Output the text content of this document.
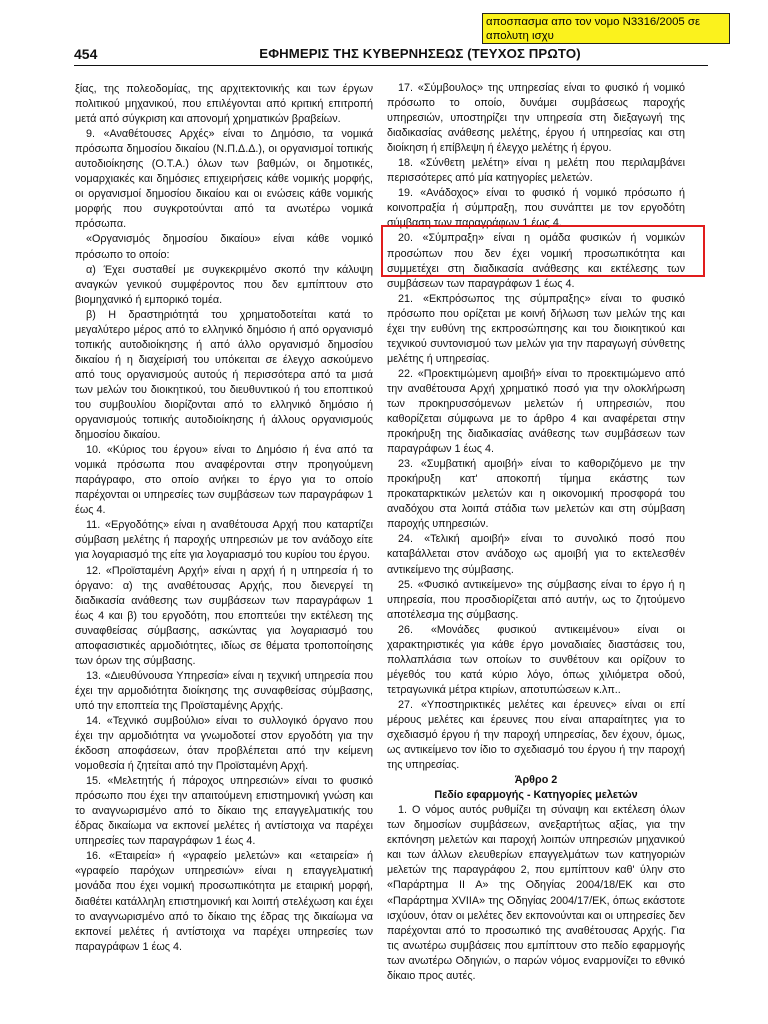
αποσπασμα απο τον νομο Ν3316/2005 σε απολυτη ισχυ
454	ΕΦΗΜΕΡΙΣ ΤΗΣ ΚΥΒΕΡΝΗΣΕΩΣ (ΤΕΥΧΟΣ ΠΡΩΤΟ)

ξίας, της πολεοδομίας, της αρχιτεκτονικής και των έργων πολιτικού μηχανικού, που επιλέγονται από κριτική επιτροπή μετά από σύγκριση και απονομή χρηματικών βραβείων.

9. «Αναθέτουσες Αρχές» είναι το Δημόσιο, τα νομικά πρόσωπα δημοσίου δικαίου (Ν.Π.Δ.Δ.), οι οργανισμοί τοπικής αυτοδιοίκησης (Ο.Τ.Α.) όλων των βαθμών, οι δημοτικές, νομαρχιακές και δημόσιες επιχειρήσεις κάθε νομικής μορφής, οι οργανισμοί δημοσίου δικαίου και οι ενώσεις κάθε νομικής μορφής που συγκροτούνται από τα ανωτέρω νομικά πρόσωπα.

«Οργανισμός δημοσίου δικαίου» είναι κάθε νομικό πρόσωπο το οποίο:

α) Έχει συσταθεί με συγκεκριμένο σκοπό την κάλυψη αναγκών γενικού συμφέροντος που δεν εμπίπτουν στο βιομηχανικό ή εμπορικό τομέα.

β) Η δραστηριότητά του χρηματοδοτείται κατά το μεγαλύτερο μέρος από το ελληνικό δημόσιο ή από οργανισμό τοπικής αυτοδιοίκησης ή από άλλο οργανισμό δημοσίου δικαίου ή η διαχείρισή του υπόκειται σε έλεγχο ασκούμενο από τους οργανισμούς αυτούς ή περισσότερα από τα μισά των μελών του διοικητικού, του διευθυντικού ή του εποπτικού του συμβουλίου διορίζονται από το ελληνικό δημόσιο ή οργανισμούς τοπικής αυτοδιοίκησης ή άλλους οργανισμούς δημοσίου δικαίου.

10. «Κύριος του έργου» είναι το Δημόσιο ή ένα από τα νομικά πρόσωπα που αναφέρονται στην προηγούμενη παράγραφο, στο οποίο ανήκει το έργο για το οποίο παρέχονται οι υπηρεσίες των συμβάσεων των παραγράφων 1 έως 4.

11. «Εργοδότης» είναι η αναθέτουσα Αρχή που καταρτίζει σύμβαση μελέτης ή παροχής υπηρεσιών με τον ανάδοχο είτε για λογαριασμό της είτε για λογαριασμό του κυρίου του έργου.

12. «Προϊσταμένη Αρχή» είναι η αρχή ή η υπηρεσία ή το όργανο: α) της αναθέτουσας Αρχής, που διενεργεί τη διαδικασία ανάθεσης των συμβάσεων των παραγράφων 1 έως 4 και β) του εργοδότη, που εποπτεύει την εκτέλεση της συναφθείσας σύμβασης, ασκώντας για λογαριασμό του αποφασιστικές αρμοδιότητες, ιδίως σε θέματα τροποποίησης των όρων της σύμβασης.

13. «Διευθύνουσα Υπηρεσία» είναι η τεχνική υπηρεσία που έχει την αρμοδιότητα διοίκησης της συναφθείσας σύμβασης, υπό την εποπτεία της Προϊσταμένης Αρχής.

14. «Τεχνικό συμβούλιο» είναι το συλλογικό όργανο που έχει την αρμοδιότητα να γνωμοδοτεί στον εργοδότη για την έκδοση αποφάσεων, όταν προβλέπεται από την κείμενη νομοθεσία ή ζητείται από την Προϊσταμένη Αρχή.

15. «Μελετητής ή πάροχος υπηρεσιών» είναι το φυσικό πρόσωπο που έχει την απαιτούμενη επιστημονική γνώση και το αναγνωρισμένο από το δίκαιο της επαγγελματικής του έδρας δικαίωμα να εκπονεί μελέτες ή αντίστοιχα να παρέχει υπηρεσίες των παραγράφων 1 έως 4.

16. «Εταιρεία» ή «γραφείο μελετών» και «εταιρεία» ή «γραφείο παρόχων υπηρεσιών» είναι η επαγγελματική μονάδα που έχει νομική προσωπικότητα με εταιρική μορφή, διαθέτει κατάλληλη επιστημονική και λοιπή στελέχωση και έχει το αναγνωρισμένο από το δίκαιο της έδρας της δικαίωμα να εκπονεί μελέτες ή αντίστοιχα να παρέχει υπηρεσίες των παραγράφων 1 έως 4.

17. «Σύμβουλος» της υπηρεσίας είναι το φυσικό ή νομικό πρόσωπο το οποίο, δυνάμει συμβάσεως παροχής υπηρεσιών, υποστηρίζει την υπηρεσία στη διεξαγωγή της διαδικασίας ανάθεσης μελέτης, έργου ή υπηρεσίας και στη διοίκηση ή επίβλεψη ή έλεγχο μελέτης ή έργου.

18. «Σύνθετη μελέτη» είναι η μελέτη που περιλαμβάνει περισσότερες από μία κατηγορίες μελετών.

19. «Ανάδοχος» είναι το φυσικό ή νομικό πρόσωπο ή κοινοπραξία ή σύμπραξη, που συνάπτει με τον εργοδότη σύμβαση των παραγράφων 1 έως 4.

20. «Σύμπραξη» είναι η ομάδα φυσικών ή νομικών προσώπων που δεν έχει νομική προσωπικότητα και συμμετέχει στη διαδικασία ανάθεσης και εκτέλεσης των συμβάσεων των παραγράφων 1 έως 4.

21. «Εκπρόσωπος της σύμπραξης» είναι το φυσικό πρόσωπο που ορίζεται με κοινή δήλωση των μελών της και έχει την ευθύνη της εκπροσώπησης και του διοικητικού και τεχνικού συντονισμού των μελών για την παραγωγή σύνθετης μελέτης ή υπηρεσίας.

22. «Προεκτιμώμενη αμοιβή» είναι το προεκτιμώμενο από την αναθέτουσα Αρχή χρηματικό ποσό για την ολοκλήρωση των προκηρυσσόμενων μελετών ή υπηρεσιών, που καθορίζεται σύμφωνα με το άρθρο 4 και αναφέρεται στην προκήρυξη της διαδικασίας ανάθεσης των συμβάσεων των παραγράφων 1 έως 4.

23. «Συμβατική αμοιβή» είναι το καθοριζόμενο με την προκήρυξη κατ' αποκοπή τίμημα εκάστης των προκαταρκτικών μελετών και η οικονομική προσφορά του αναδόχου στα λοιπά στάδια των μελετών και στη σύμβαση παροχής υπηρεσιών.

24. «Τελική αμοιβή» είναι το συνολικό ποσό που καταβάλλεται στον ανάδοχο ως αμοιβή για το εκτελεσθέν αντικείμενο της σύμβασης.

25. «Φυσικό αντικείμενο» της σύμβασης είναι το έργο ή η υπηρεσία, που προσδιορίζεται από αυτήν, ως το ζητούμενο αποτέλεσμα της σύμβασης.

26. «Μονάδες φυσικού αντικειμένου» είναι οι χαρακτηριστικές για κάθε έργο μοναδιαίες διαστάσεις του, πολλαπλάσια των οποίων το συνθέτουν και ορίζουν το μέγεθός του κατά κύριο λόγο, όπως χιλιόμετρα οδού, τετραγωνικά μέτρα κτιρίων, αποτυπώσεων κ.λπ..

27. «Υποστηρικτικές μελέτες και έρευνες» είναι οι επί μέρους μελέτες και έρευνες που είναι απαραίτητες για το σχεδιασμό έργου ή την παροχή υπηρεσίας, δεν έχουν, όμως, ως αντικείμενο τον ίδιο το σχεδιασμό του έργου ή την παροχή της υπηρεσίας.

Άρθρο 2

Πεδίο εφαρμογής - Κατηγορίες μελετών

1. Ο νόμος αυτός ρυθμίζει τη σύναψη και εκτέλεση όλων των δημοσίων συμβάσεων, ανεξαρτήτως αξίας, για την εκπόνηση μελετών και παροχή λοιπών υπηρεσιών μηχανικού και των άλλων ελευθερίων επαγγελμάτων των κατηγοριών μελετών της παραγράφου 2, που εμπίπτουν καθ' ύλην στο «Παράρτημα ΙΙ Α» της Οδηγίας 2004/18/ΕΚ και στο «Παράρτημα XVIIA» της Οδηγίας 2004/17/ΕΚ, όπως εκάστοτε ισχύουν, όταν οι μελέτες δεν εκπονούνται και οι υπηρεσίες δεν παρέχονται από το προσωπικό της αναθέτουσας Αρχής. Για τις ανωτέρω συμβάσεις που εμπίπτουν στο πεδίο εφαρμογής των ανωτέρω Οδηγιών, ο παρών νόμος εναρμονίζει το εθνικό δίκαιο προς αυτές.
